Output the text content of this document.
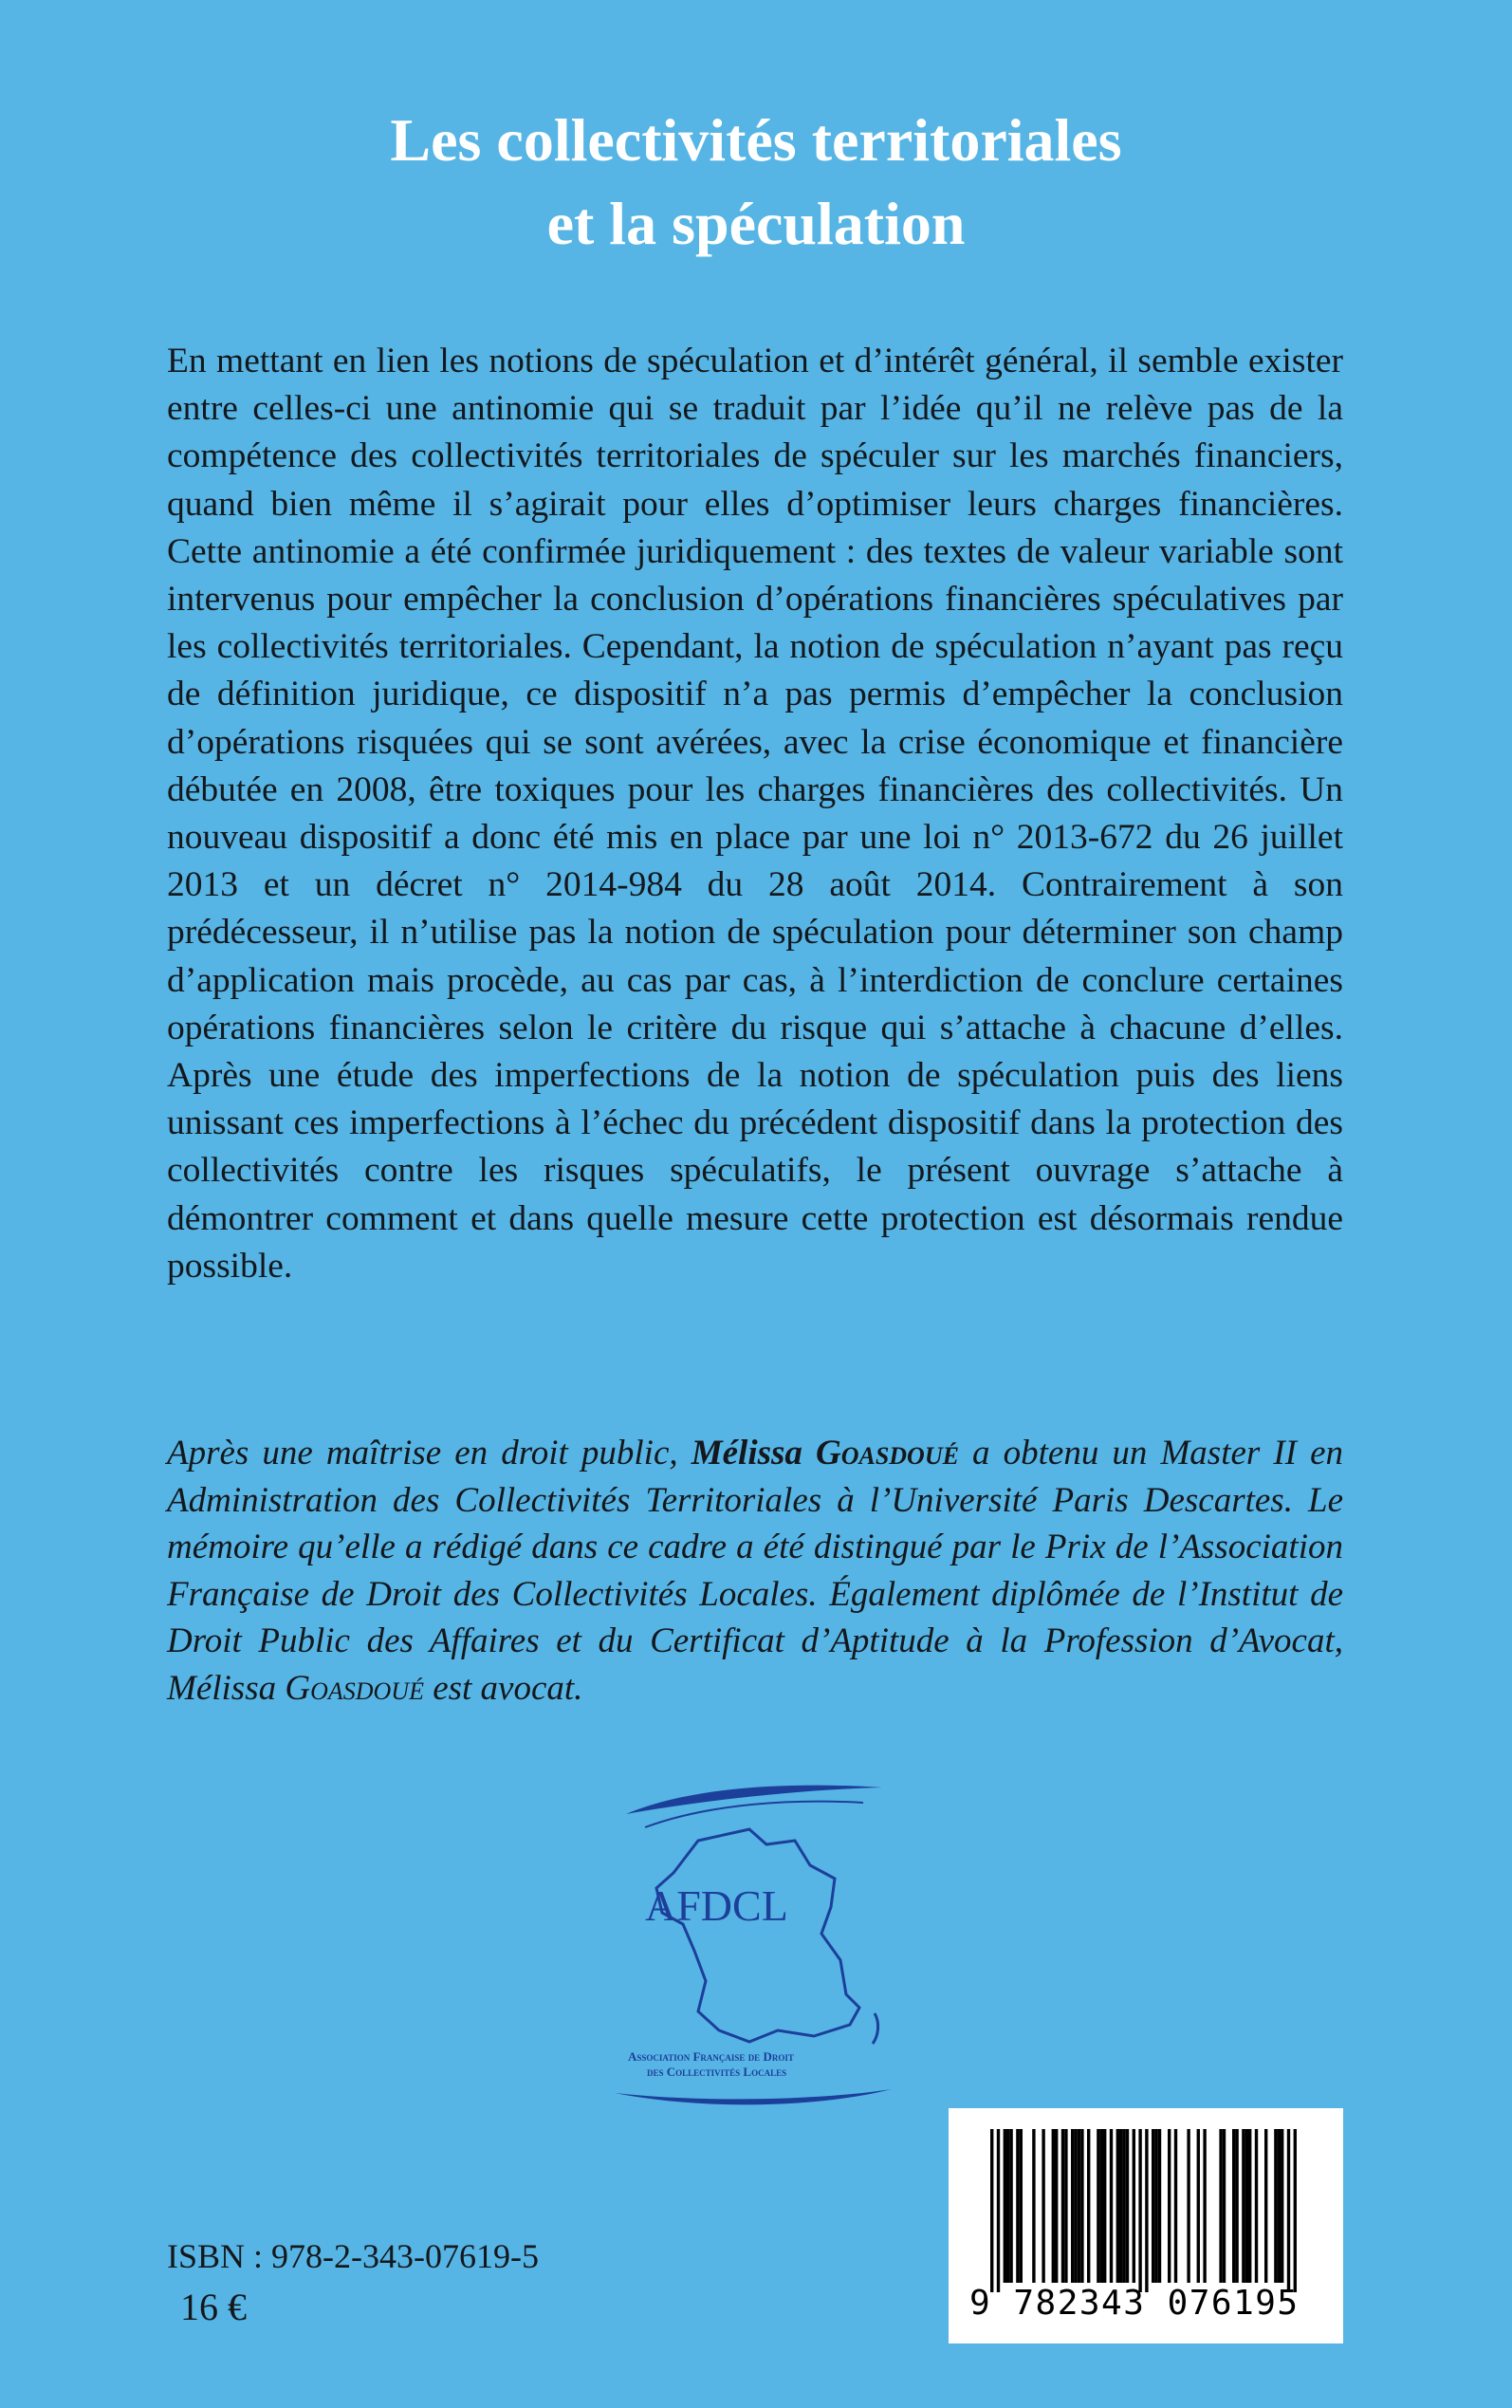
Les collectivités territoriales
et la spéculation

En mettant en lien les notions de spéculation et d’intérêt général, il semble exister entre celles-ci une antinomie qui se traduit par l’idée qu’il ne relève pas de la compétence des collectivités territoriales de spéculer sur les marchés financiers, quand bien même il s’agirait pour elles d’optimiser leurs charges financières. Cette antinomie a été confirmée juridiquement : des textes de valeur variable sont intervenus pour empêcher la conclusion d’opérations financières spéculatives par les collectivités territoriales. Cependant, la notion de spéculation n’ayant pas reçu de définition juridique, ce dispositif n’a pas permis d’empêcher la conclusion d’opérations risquées qui se sont avérées, avec la crise économique et financière débutée en 2008, être toxiques pour les charges financières des collectivités. Un nouveau dispositif a donc été mis en place par une loi n° 2013-672 du 26 juillet 2013 et un décret n° 2014-984 du 28 août 2014. Contrairement à son prédécesseur, il n’utilise pas la notion de spéculation pour déterminer son champ d’application mais procède, au cas par cas, à l’interdiction de conclure certaines opérations financières selon le critère du risque qui s’attache à chacune d’elles. Après une étude des imperfections de la notion de spéculation puis des liens unissant ces imperfections à l’échec du précédent dispositif dans la protection des collectivités contre les risques spéculatifs, le présent ouvrage s’attache à démontrer comment et dans quelle mesure cette protection est désormais rendue possible.

Après une maîtrise en droit public, Mélissa Goasdoué a obtenu un Master II en Administration des Collectivités Territoriales à l’Université Paris Descartes. Le mémoire qu’elle a rédigé dans ce cadre a été distingué par le Prix de l’Association Française de Droit des Collectivités Locales. Également diplômée de l’Institut de Droit Public des Affaires et du Certificat d’Aptitude à la Profession d’Avocat, Mélissa Goasdoué est avocat.

AFDCL
Association Française de Droit
des Collectivités Locales

ISBN : 978-2-343-07619-5

16 €	9 782343 076195
